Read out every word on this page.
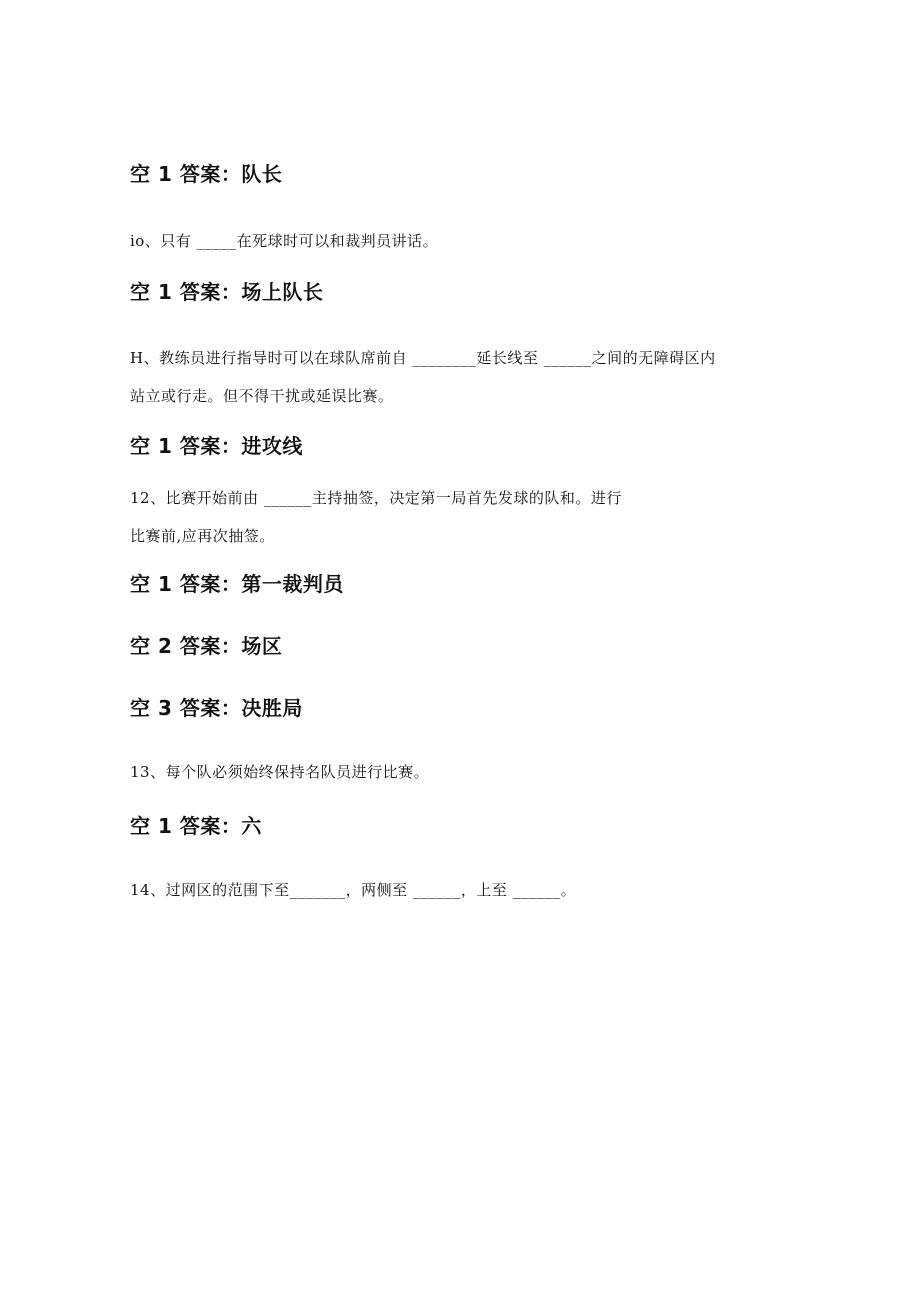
空 1 答案：队长
io、只有 _____在死球时可以和裁判员讲话。
空 1 答案：场上队长
H、教练员进行指导时可以在球队席前自 ________延长线至 ______之间的无障碍区内
站立或行走。但不得干扰或延误比赛。
空 1 答案：进攻线
12、比赛开始前由 ______主持抽签，决定第一局首先发球的队和。进行
比赛前,应再次抽签。
空 1 答案：第一裁判员
空 2 答案：场区
空 3 答案：决胜局
13、每个队必须始终保持名队员进行比赛。
空 1 答案：六
14、过网区的范围下至_______，两侧至 ______，上至 ______。
